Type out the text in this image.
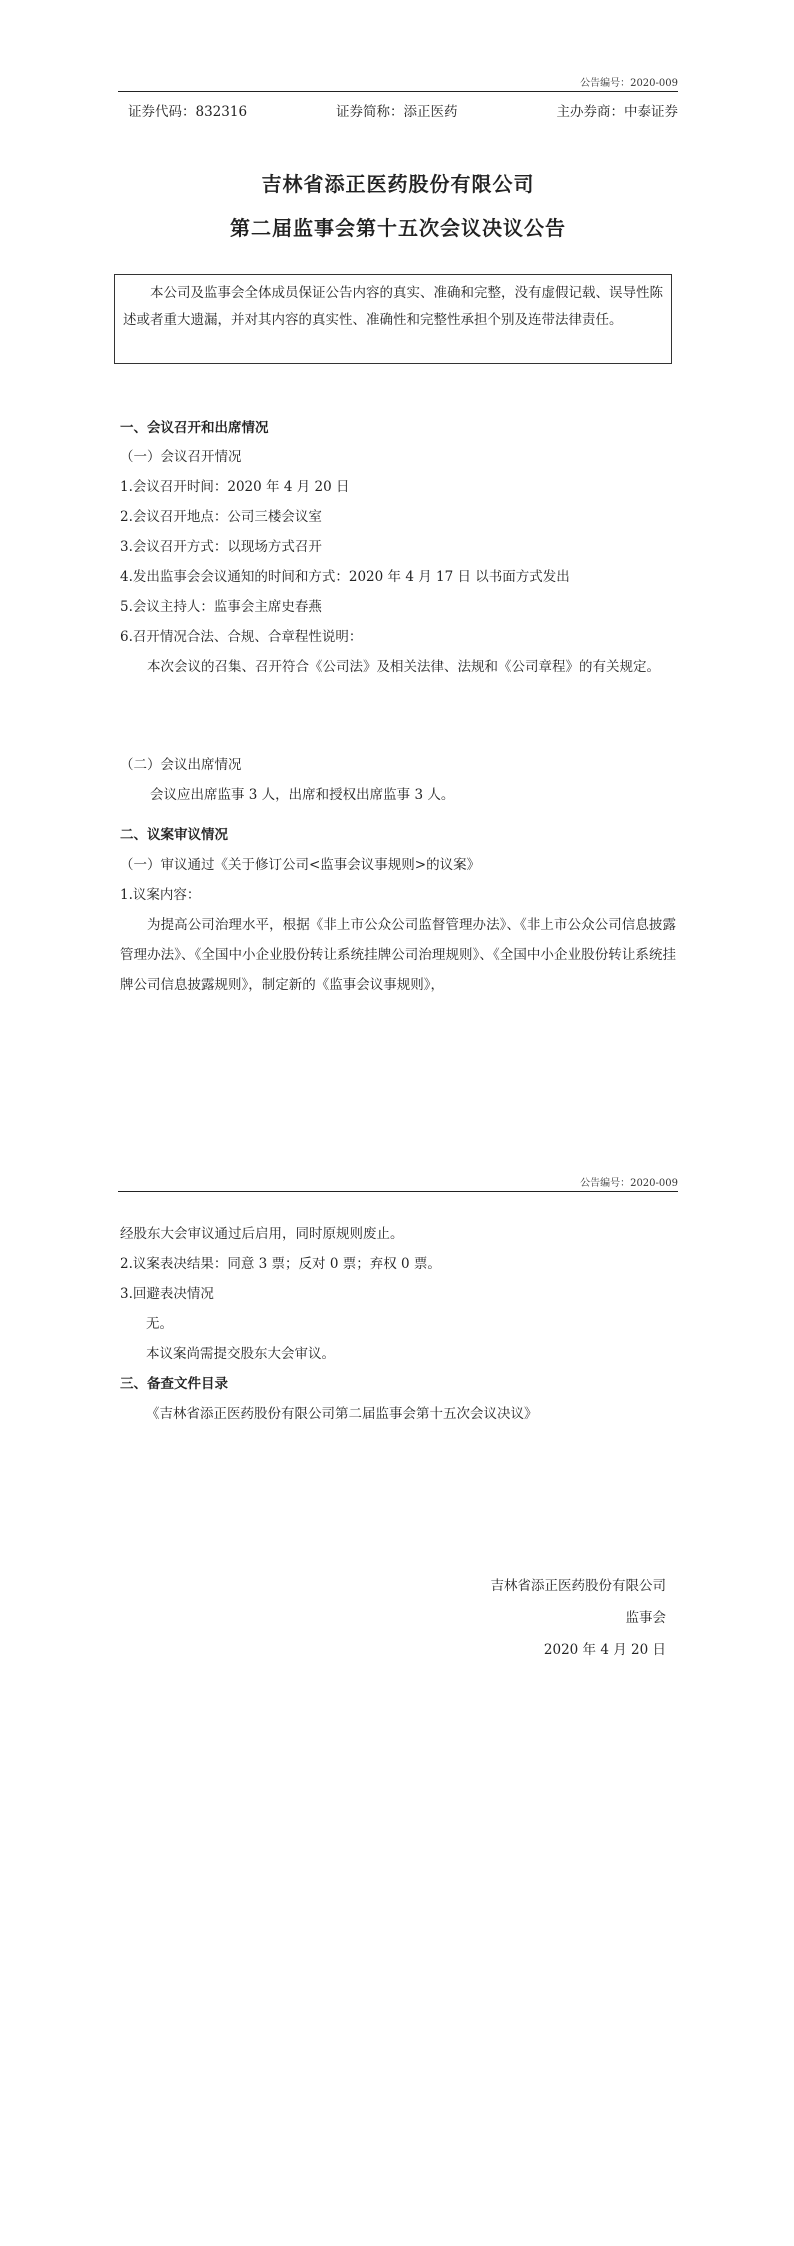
公告编号：2020-009
证券代码：832316	证券简称：添正医药	主办券商：中泰证券
吉林省添正医药股份有限公司
第二届监事会第十五次会议决议公告
本公司及监事会全体成员保证公告内容的真实、准确和完整，没有虚假记载、误导性陈述或者重大遗漏，并对其内容的真实性、准确性和完整性承担个别及连带法律责任。
一、会议召开和出席情况
（一）会议召开情况
1.会议召开时间：2020 年 4 月 20 日
2.会议召开地点：公司三楼会议室
3.会议召开方式：以现场方式召开
4.发出监事会会议通知的时间和方式：2020 年 4 月 17 日 以书面方式发出
5.会议主持人：监事会主席史春燕
6.召开情况合法、合规、合章程性说明：
本次会议的召集、召开符合《公司法》及相关法律、法规和《公司章程》的有关规定。
（二）会议出席情况
会议应出席监事 3 人，出席和授权出席监事 3 人。
二、议案审议情况
（一）审议通过《关于修订公司<监事会议事规则>的议案》
1.议案内容：
为提高公司治理水平，根据《非上市公众公司监督管理办法》、《非上市公众公司信息披露管理办法》、《全国中小企业股份转让系统挂牌公司治理规则》、《全国中小企业股份转让系统挂牌公司信息披露规则》，制定新的《监事会议事规则》，
公告编号：2020-009
经股东大会审议通过后启用，同时原规则废止。
2.议案表决结果：同意 3 票；反对 0 票；弃权 0 票。
3.回避表决情况
无。
本议案尚需提交股东大会审议。
三、备查文件目录
《吉林省添正医药股份有限公司第二届监事会第十五次会议决议》
吉林省添正医药股份有限公司
监事会
2020 年 4 月 20 日
